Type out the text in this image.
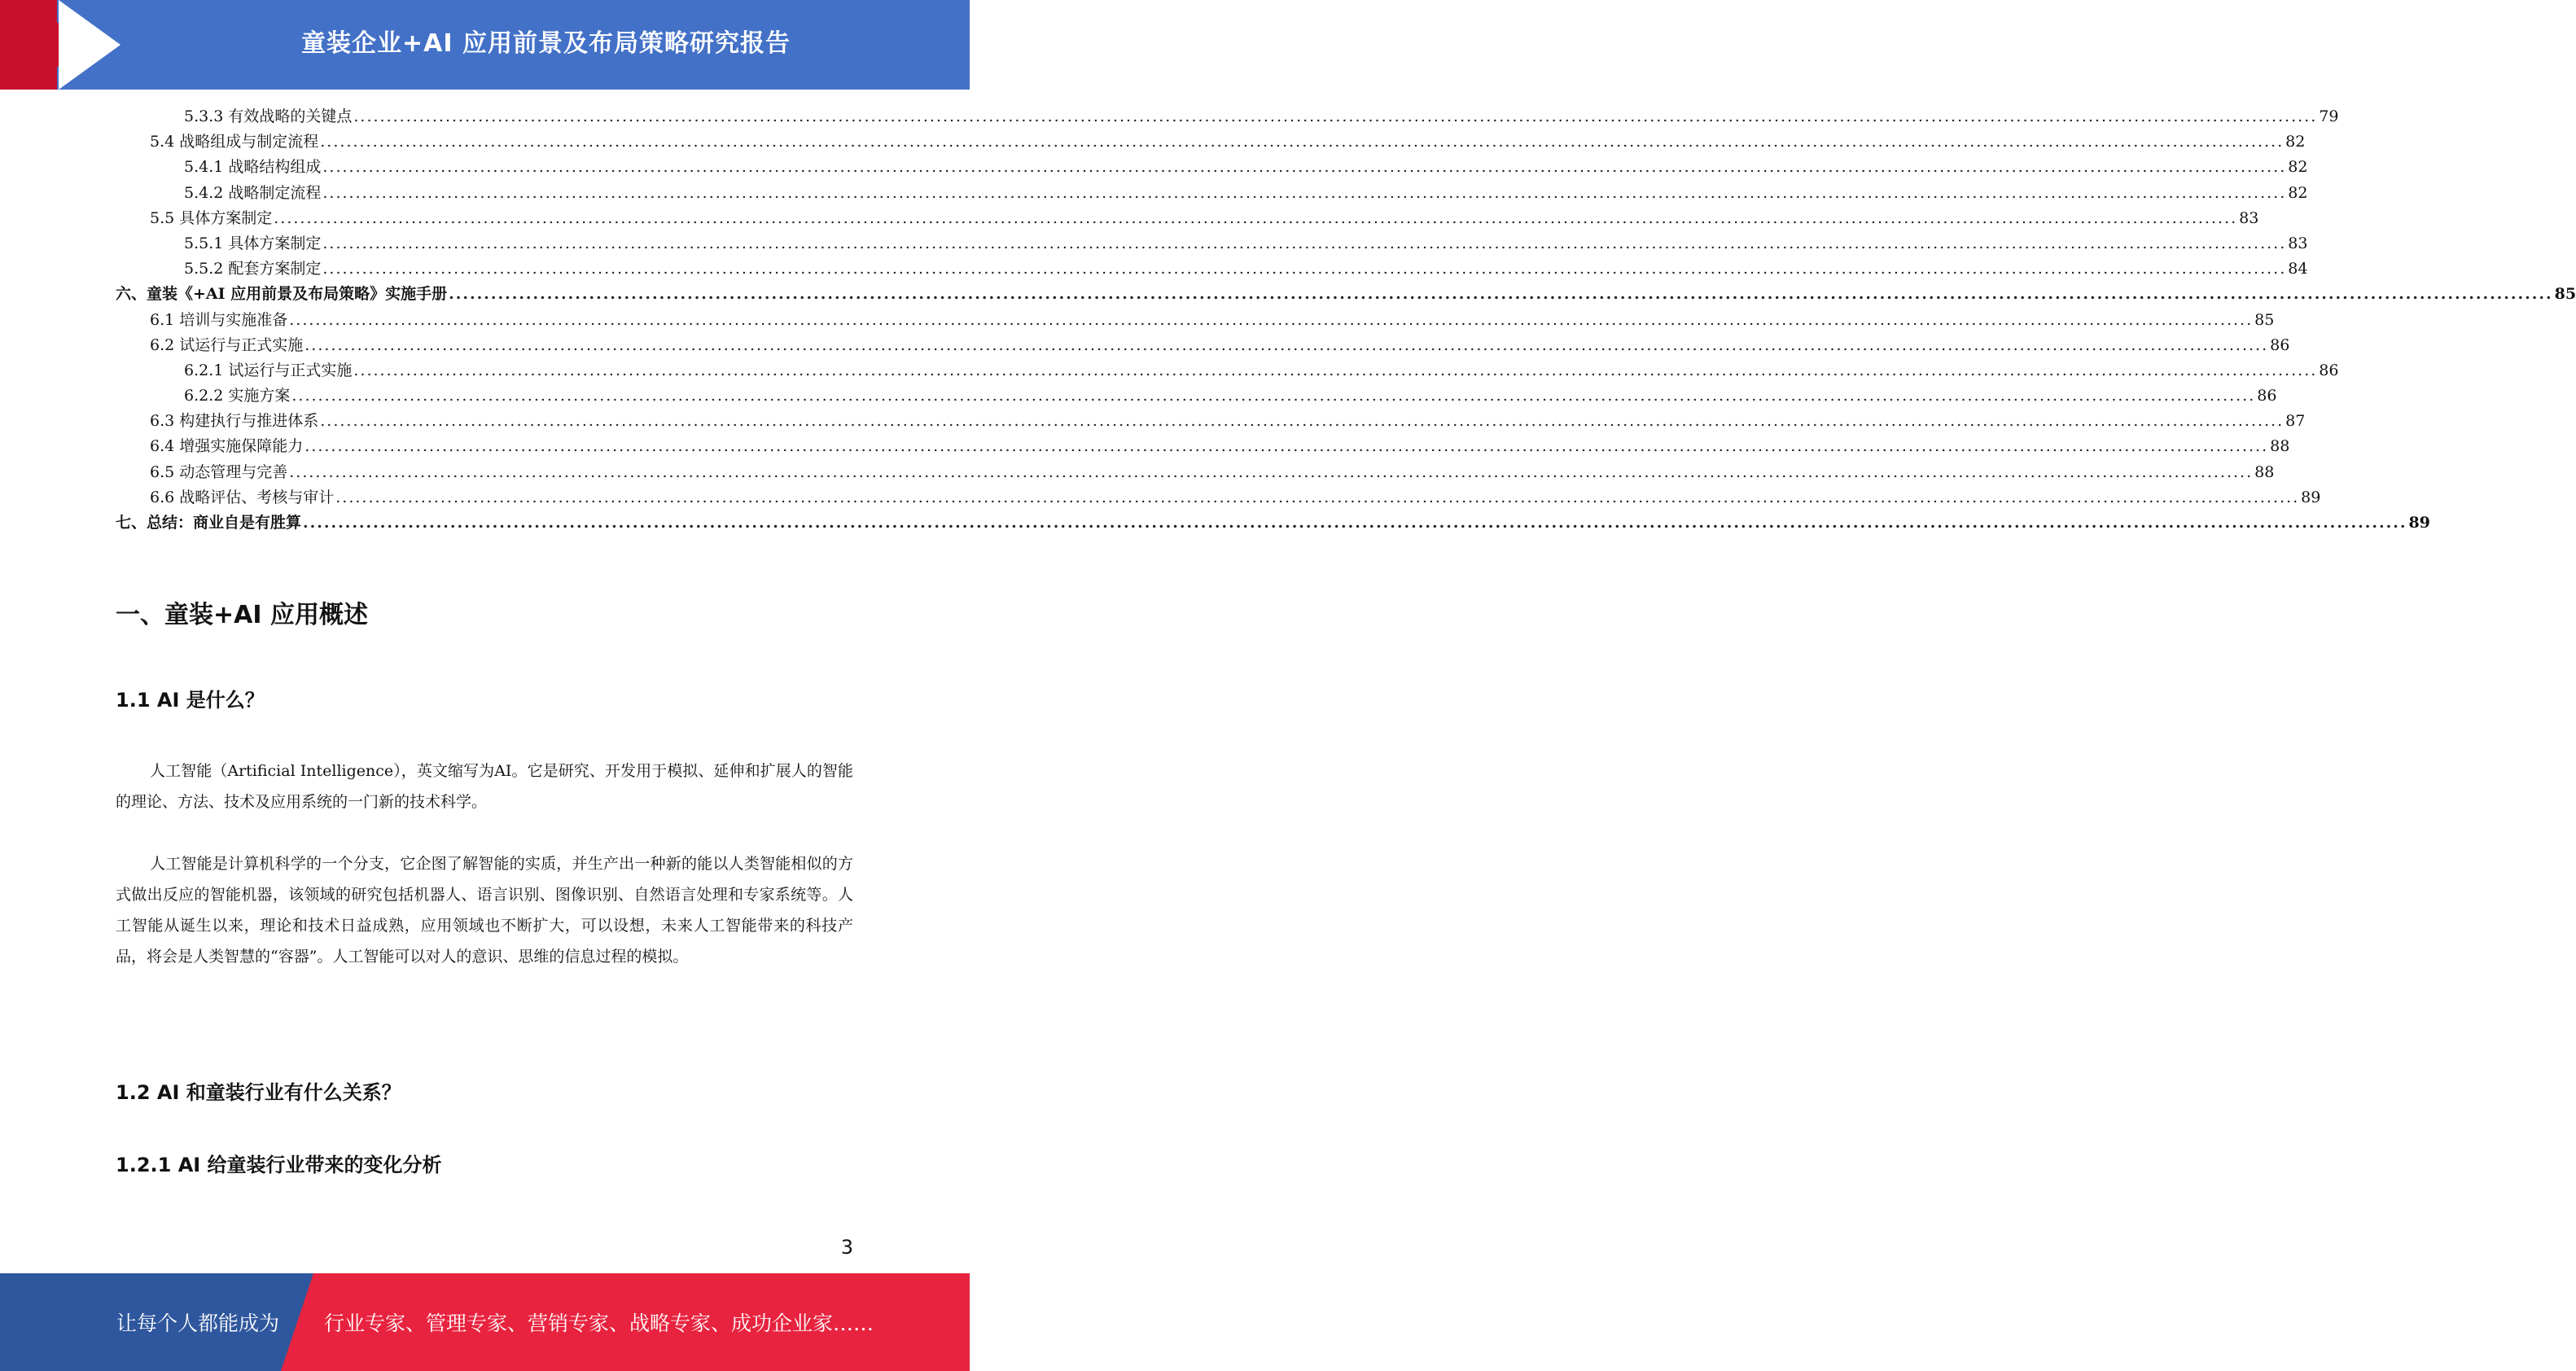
童装企业+AI 应用前景及布局策略研究报告
5.3.3 有效战略的关键点 ............................................................................................................................................................................................................................................................................................................ 79
5.4 战略组成与制定流程 ............................................................................................................................................................................................................................................................................................................ 82
5.4.1 战略结构组成 ............................................................................................................................................................................................................................................................................................................ 82
5.4.2 战略制定流程 ............................................................................................................................................................................................................................................................................................................ 82
5.5 具体方案制定 ............................................................................................................................................................................................................................................................................................................ 83
5.5.1 具体方案制定 ............................................................................................................................................................................................................................................................................................................ 83
5.5.2 配套方案制定 ............................................................................................................................................................................................................................................................................................................ 84
六、童装《+AI 应用前景及布局策略》实施手册 ............................................................................................................................................................................................................................................................................................................ 85
6.1 培训与实施准备 ............................................................................................................................................................................................................................................................................................................ 85
6.2 试运行与正式实施 ............................................................................................................................................................................................................................................................................................................ 86
6.2.1 试运行与正式实施 ............................................................................................................................................................................................................................................................................................................ 86
6.2.2 实施方案 ............................................................................................................................................................................................................................................................................................................ 86
6.3 构建执行与推进体系 ............................................................................................................................................................................................................................................................................................................ 87
6.4 增强实施保障能力 ............................................................................................................................................................................................................................................................................................................ 88
6.5 动态管理与完善 ............................................................................................................................................................................................................................................................................................................ 88
6.6 战略评估、考核与审计 ............................................................................................................................................................................................................................................................................................................ 89
七、总结：商业自是有胜算 ............................................................................................................................................................................................................................................................................................................ 89
一、童装+AI 应用概述
1.1 AI 是什么？
人工智能（Artificial Intelligence），英文缩写为AI。它是研究、开发用于模拟、延伸和扩展人的智能的理论、方法、技术及应用系统的一门新的技术科学。
人工智能是计算机科学的一个分支，它企图了解智能的实质，并生产出一种新的能以人类智能相似的方式做出反应的智能机器，该领域的研究包括机器人、语言识别、图像识别、自然语言处理和专家系统等。人工智能从诞生以来，理论和技术日益成熟，应用领域也不断扩大，可以设想，未来人工智能带来的科技产品，将会是人类智慧的“容器”。人工智能可以对人的意识、思维的信息过程的模拟。
1.2 AI 和童装行业有什么关系？
1.2.1 AI 给童装行业带来的变化分析
3
让每个人都能成为 行业专家、管理专家、营销专家、战略专家、成功企业家……
